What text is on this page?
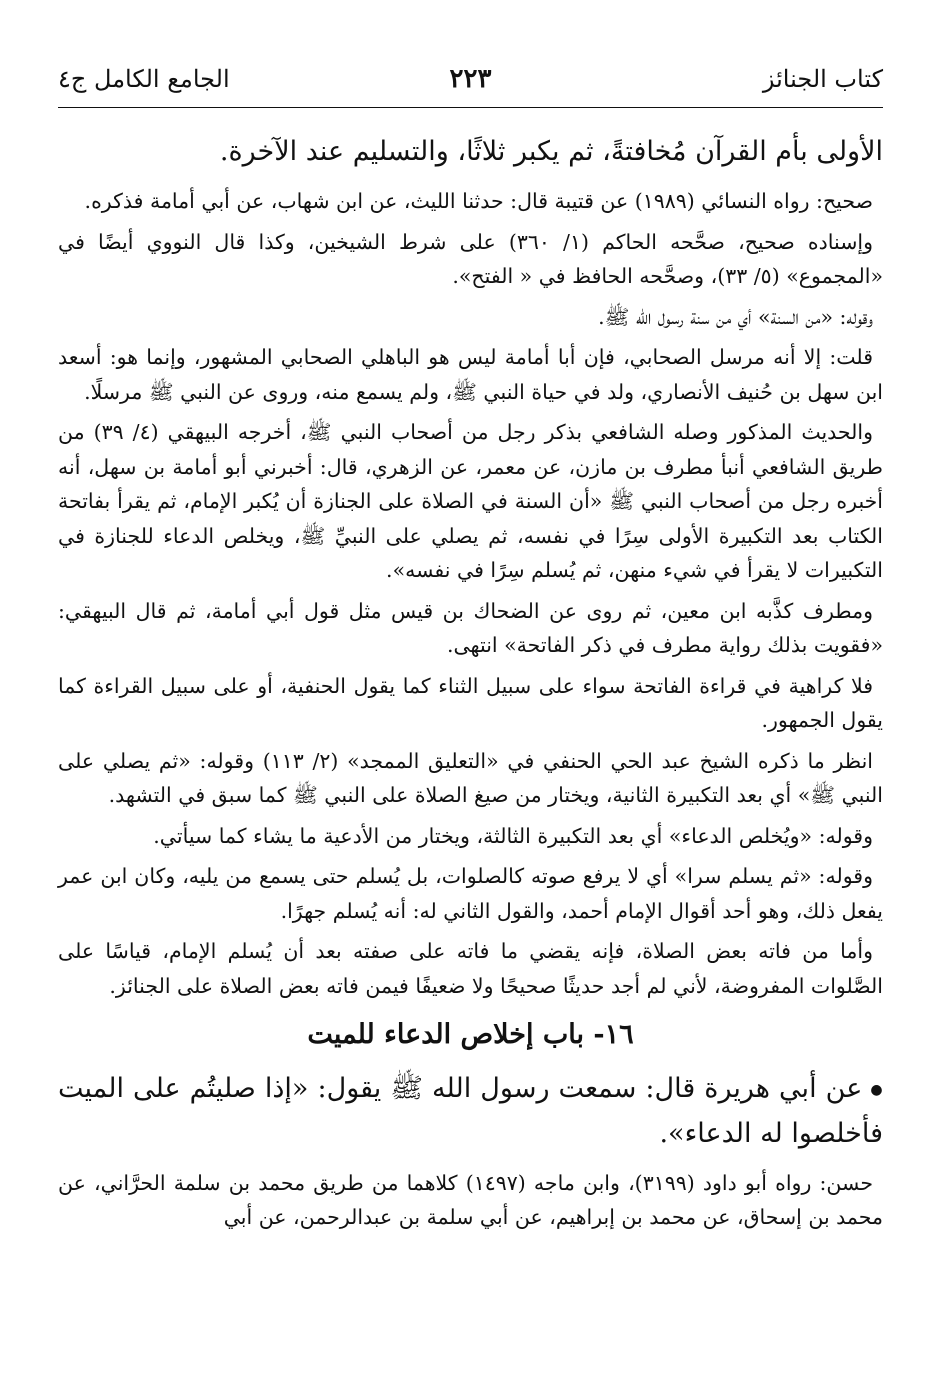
كتاب الجنائز
٢٢٣
الجامع الكامل ج٤

الأولى بأم القرآن مُخافتةً، ثم يكبر ثلاثًا، والتسليم عند الآخرة.

صحيح: رواه النسائي (١٩٨٩) عن قتيبة قال: حدثنا الليث، عن ابن شهاب، عن أبي أمامة فذكره.

وإسناده صحيح، صحَّحه الحاكم (١/ ٣٦٠) على شرط الشيخين، وكذا قال النووي أيضًا في «المجموع» (٥/ ٣٣)، وصحَّحه الحافظ في « الفتح».

وقوله: «من السنة» أي من سنة رسول الله ﷺ.

قلت: إلا أنه مرسل الصحابي، فإن أبا أمامة ليس هو الباهلي الصحابي المشهور، وإنما هو: أسعد ابن سهل بن حُنيف الأنصاري، ولد في حياة النبي ﷺ، ولم يسمع منه، وروى عن النبي ﷺ مرسلًا.

والحديث المذكور وصله الشافعي بذكر رجل من أصحاب النبي ﷺ، أخرجه البيهقي (٤/ ٣٩) من طريق الشافعي أنبأ مطرف بن مازن، عن معمر، عن الزهري، قال: أخبرني أبو أمامة بن سهل، أنه أخبره رجل من أصحاب النبي ﷺ «أن السنة في الصلاة على الجنازة أن يُكبر الإمام، ثم يقرأ بفاتحة الكتاب بعد التكبيرة الأولى سِرًا في نفسه، ثم يصلي على النبيِّ ﷺ، ويخلص الدعاء للجنازة في التكبيرات لا يقرأ في شيء منهن، ثم يُسلم سِرًا في نفسه».

ومطرف كذَّبه ابن معين، ثم روى عن الضحاك بن قيس مثل قول أبي أمامة، ثم قال البيهقي: «فقويت بذلك رواية مطرف في ذكر الفاتحة» انتهى.

فلا كراهية في قراءة الفاتحة سواء على سبيل الثناء كما يقول الحنفية، أو على سبيل القراءة كما يقول الجمهور.

انظر ما ذكره الشيخ عبد الحي الحنفي في «التعليق الممجد» (٢/ ١١٣) وقوله: «ثم يصلي على النبي ﷺ» أي بعد التكبيرة الثانية، ويختار من صيغ الصلاة على النبي ﷺ كما سبق في التشهد.

وقوله: «ويُخلص الدعاء» أي بعد التكبيرة الثالثة، ويختار من الأدعية ما يشاء كما سيأتي.

وقوله: «ثم يسلم سرا» أي لا يرفع صوته كالصلوات، بل يُسلم حتى يسمع من يليه، وكان ابن عمر يفعل ذلك، وهو أحد أقوال الإمام أحمد، والقول الثاني له: أنه يُسلم جهرًا.

وأما من فاته بعض الصلاة، فإنه يقضي ما فاته على صفته بعد أن يُسلم الإمام، قياسًا على الصَّلوات المفروضة، لأني لم أجد حديثًا صحيحًا ولا ضعيفًا فيمن فاته بعض الصلاة على الجنائز.

١٦- باب إخلاص الدعاء للميت

●عن أبي هريرة قال: سمعت رسول الله ﷺ يقول: «إذا صليتُم على الميت فأخلصوا له الدعاء».

حسن: رواه أبو داود (٣١٩٩)، وابن ماجه (١٤٩٧) كلاهما من طريق محمد بن سلمة الحرَّاني، عن محمد بن إسحاق، عن محمد بن إبراهيم، عن أبي سلمة بن عبدالرحمن، عن أبي
